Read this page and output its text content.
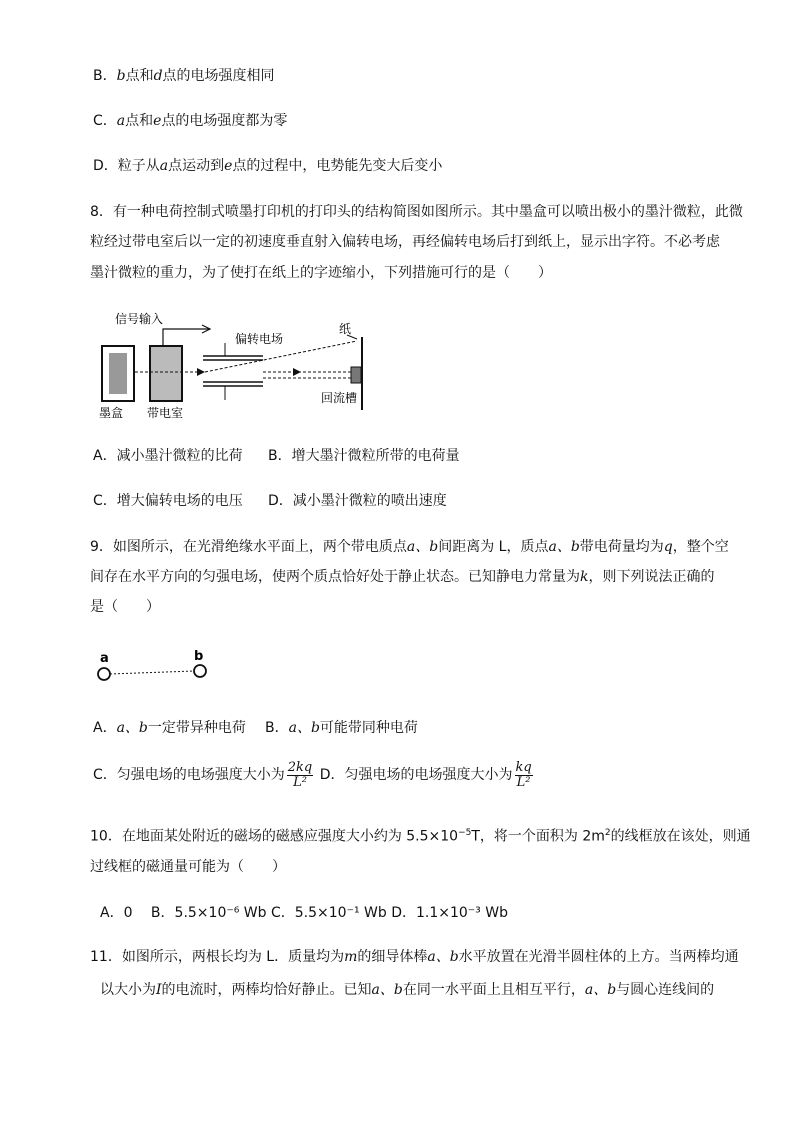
B．b点和d点的电场强度相同
C．a点和e点的电场强度都为零
D．粒子从a点运动到e点的过程中，电势能先变大后变小
8．有一种电荷控制式喷墨打印机的打印头的结构简图如图所示。其中墨盒可以喷出极小的墨汁微粒，此微
粒经过带电室后以一定的初速度垂直射入偏转电场，再经偏转电场后打到纸上，显示出字符。不必考虑
墨汁微粒的重力，为了使打在纸上的字迹缩小，下列措施可行的是（　　）
信号输入
偏转电场
纸
回流槽
墨盒 带电室
A．减小墨汁微粒的比荷 B．增大墨汁微粒所带的电荷量
C．增大偏转电场的电压 D．减小墨汁微粒的喷出速度
9．如图所示，在光滑绝缘水平面上，两个带电质点a、b间距离为 L，质点a、b带电荷量均为q，整个空
间存在水平方向的匀强电场，使两个质点恰好处于静止状态。已知静电力常量为k，则下列说法正确的
是（　　）
a	b
A．a、b一定带异种电荷 B．a、b可能带同种电荷
C．匀强电场的电场强度大小为 $\frac{2kq}{\text{L²}}$ D．匀强电场的电场强度大小为 $\frac{kq}{\text{L²}}$
10．在地面某处附近的磁场的磁感应强度大小约为 $5.5\times 10^{-5}T$，将一个面积为 $2m^2$的线框放在该处，则通
过线框的磁通量可能为（　　）
A．0　 B．5.5×10⁻⁶ Wb C．5.5×10⁻¹ Wb D．1.1×10⁻³ Wb
11．如图所示，两根长均为 L．质量均为m的细导体棒a、b水平放置在光滑半圆柱体的上方。当两棒均通
以大小为I的电流时，两棒均恰好静止。已知a、b在同一水平面上且相互平行，a、b与圆心连线间的
